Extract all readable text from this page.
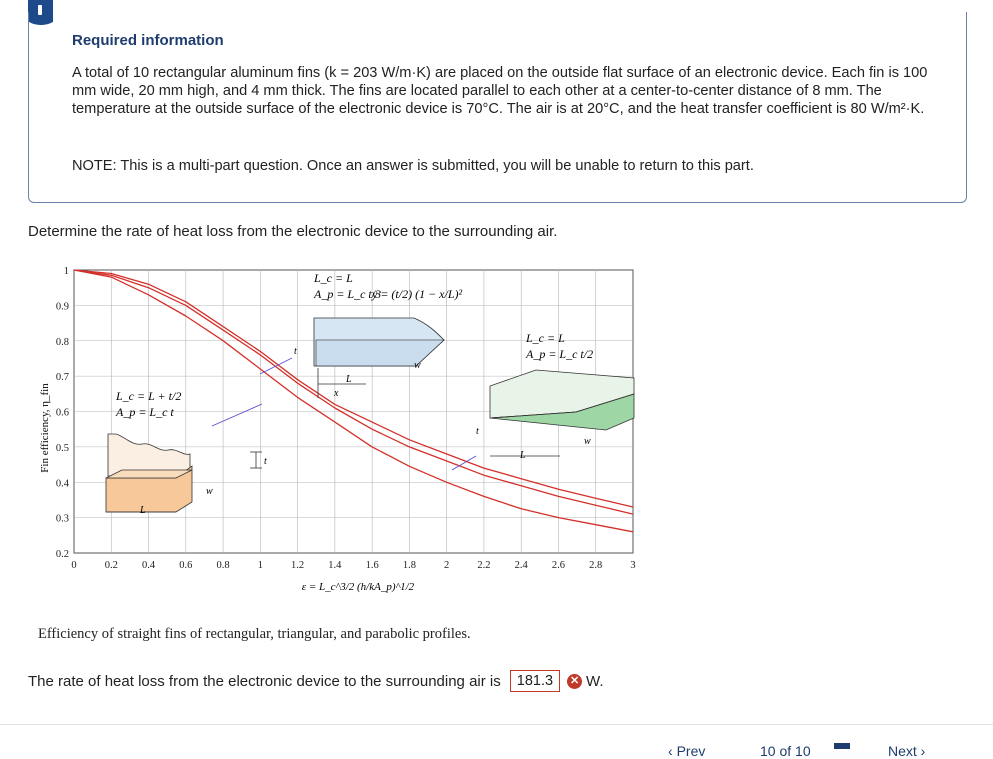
Required information

A total of 10 rectangular aluminum fins (k = 203 W/m·K) are placed on the outside flat surface of an electronic device. Each fin is 100 mm wide, 20 mm high, and 4 mm thick. The fins are located parallel to each other at a center-to-center distance of 8 mm. The temperature at the outside surface of the electronic device is 70°C. The air is at 20°C, and the heat transfer coefficient is 80 W/m²·K.

NOTE: This is a multi-part question. Once an answer is submitted, you will be unable to return to this part.

Determine the rate of heat loss from the electronic device to the surrounding air.

0	0.2 0.4 0.6 0.8	1	1.2 1.4 1.6 1.8	2	2.2 2.4 2.6 2.8	3
0.2
0.3
0.4
0.5
0.6
0.7
0.8
0.9
1
Fin efficiency, η_fin
ε = L_c^3/2 (h/kA_p)^1/2
L_c = L + t/2
A_p = L_c t
t
w
L
L_c = L
A_p = L_c t/3
y = (t/2) (1 − x/L)²
t
L
w
x
L_c = L
A_p = L_c t/2
t
L
w
Efficiency of straight fins of rectangular, triangular, and parabolic profiles.
The rate of heat loss from the electronic device to the surrounding air is	181.3	✕ W.
‹ Prev	10 of 10	Next ›
